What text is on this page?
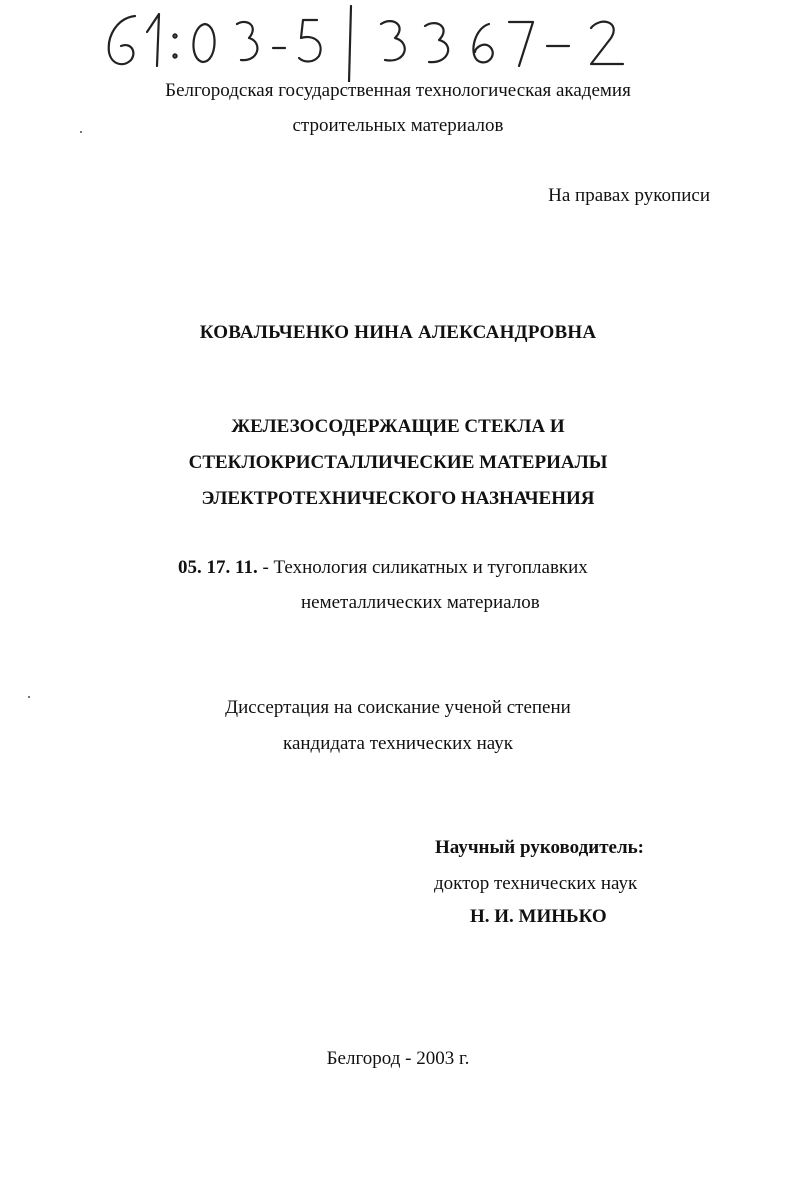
Белгородская государственная технологическая академия
строительных материалов
На правах рукописи
КОВАЛЬЧЕНКО НИНА АЛЕКСАНДРОВНА
ЖЕЛЕЗОСОДЕРЖАЩИЕ СТЕКЛА И
СТЕКЛОКРИСТАЛЛИЧЕСКИЕ МАТЕРИАЛЫ
ЭЛЕКТРОТЕХНИЧЕСКОГО НАЗНАЧЕНИЯ
05. 17. 11. - Технология силикатных и тугоплавких
неметаллических материалов
Диссертация на соискание ученой степени
кандидата технических наук
Научный руководитель:
доктор технических наук
Н. И. МИНЬКО
Белгород - 2003 г.
